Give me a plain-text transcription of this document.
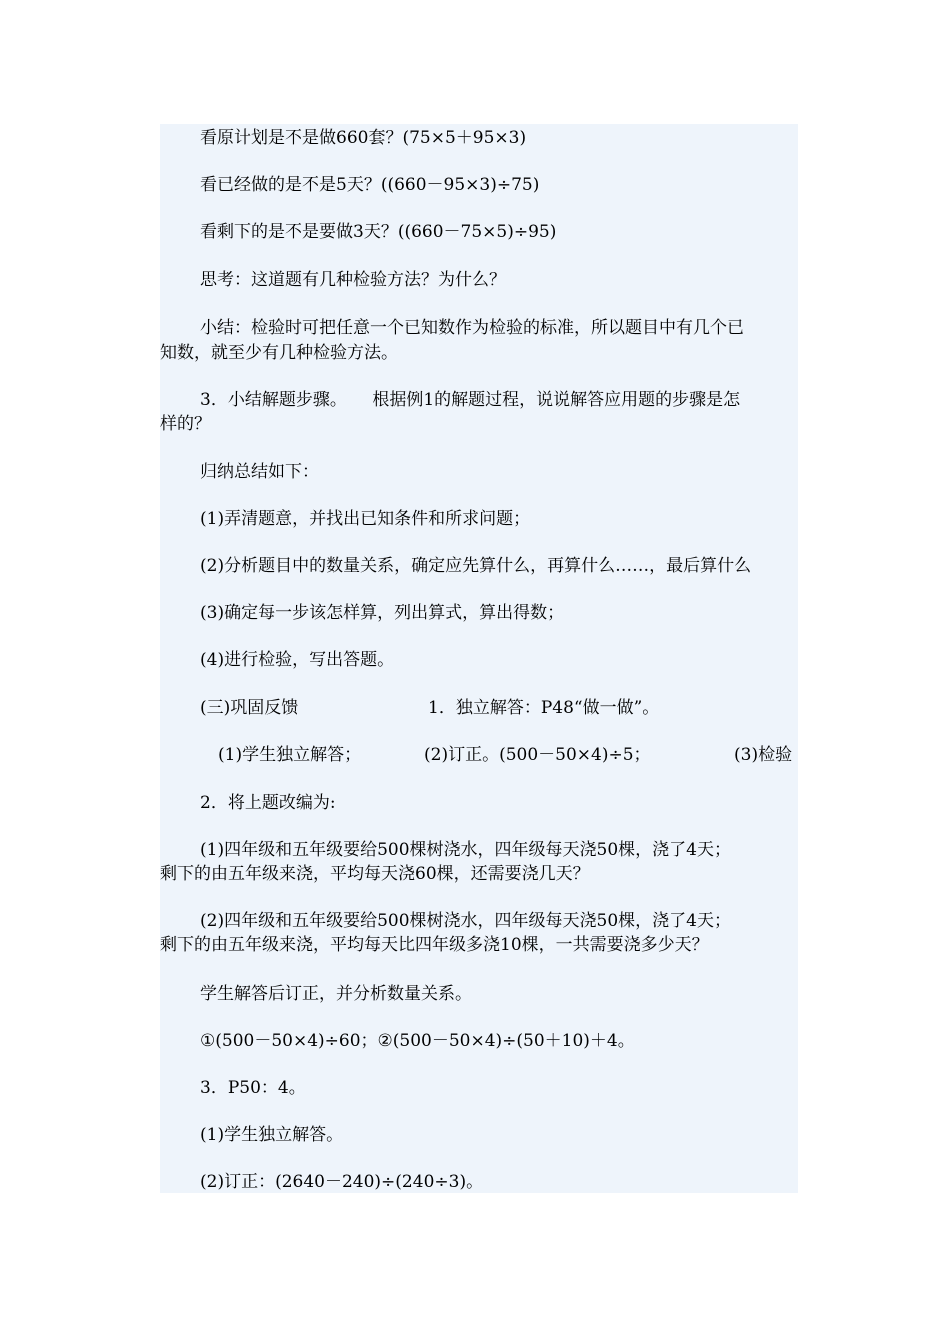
看原计划是不是做660套？(75×5＋95×3)
看已经做的是不是5天？((660－95×3)÷75)
看剩下的是不是要做3天？((660－75×5)÷95)
思考：这道题有几种检验方法？为什么？
小结：检验时可把任意一个已知数作为检验的标准，所以题目中有几个已
知数，就至少有几种检验方法。
3．小结解题步骤。　　根据例1的解题过程，说说解答应用题的步骤是怎
样的？
归纳总结如下：
(1)弄清题意，并找出已知条件和所求问题；
(2)分析题目中的数量关系，确定应先算什么，再算什么……，最后算什么
(3)确定每一步该怎样算，列出算式，算出得数；
(4)进行检验，写出答题。
(三)巩固反馈	1．独立解答：P48“做一做”。
(1)学生独立解答；	(2)订正。(500－50×4)÷5；	(3)检验
2．将上题改编为:
(1)四年级和五年级要给500棵树浇水，四年级每天浇50棵，浇了4天；
剩下的由五年级来浇，平均每天浇60棵，还需要浇几天？
(2)四年级和五年级要给500棵树浇水，四年级每天浇50棵，浇了4天；
剩下的由五年级来浇，平均每天比四年级多浇10棵，一共需要浇多少天？
学生解答后订正，并分析数量关系。
①(500－50×4)÷60；②(500－50×4)÷(50＋10)＋4。
3．P50：4。
(1)学生独立解答。
(2)订正：(2640－240)÷(240÷3)。
